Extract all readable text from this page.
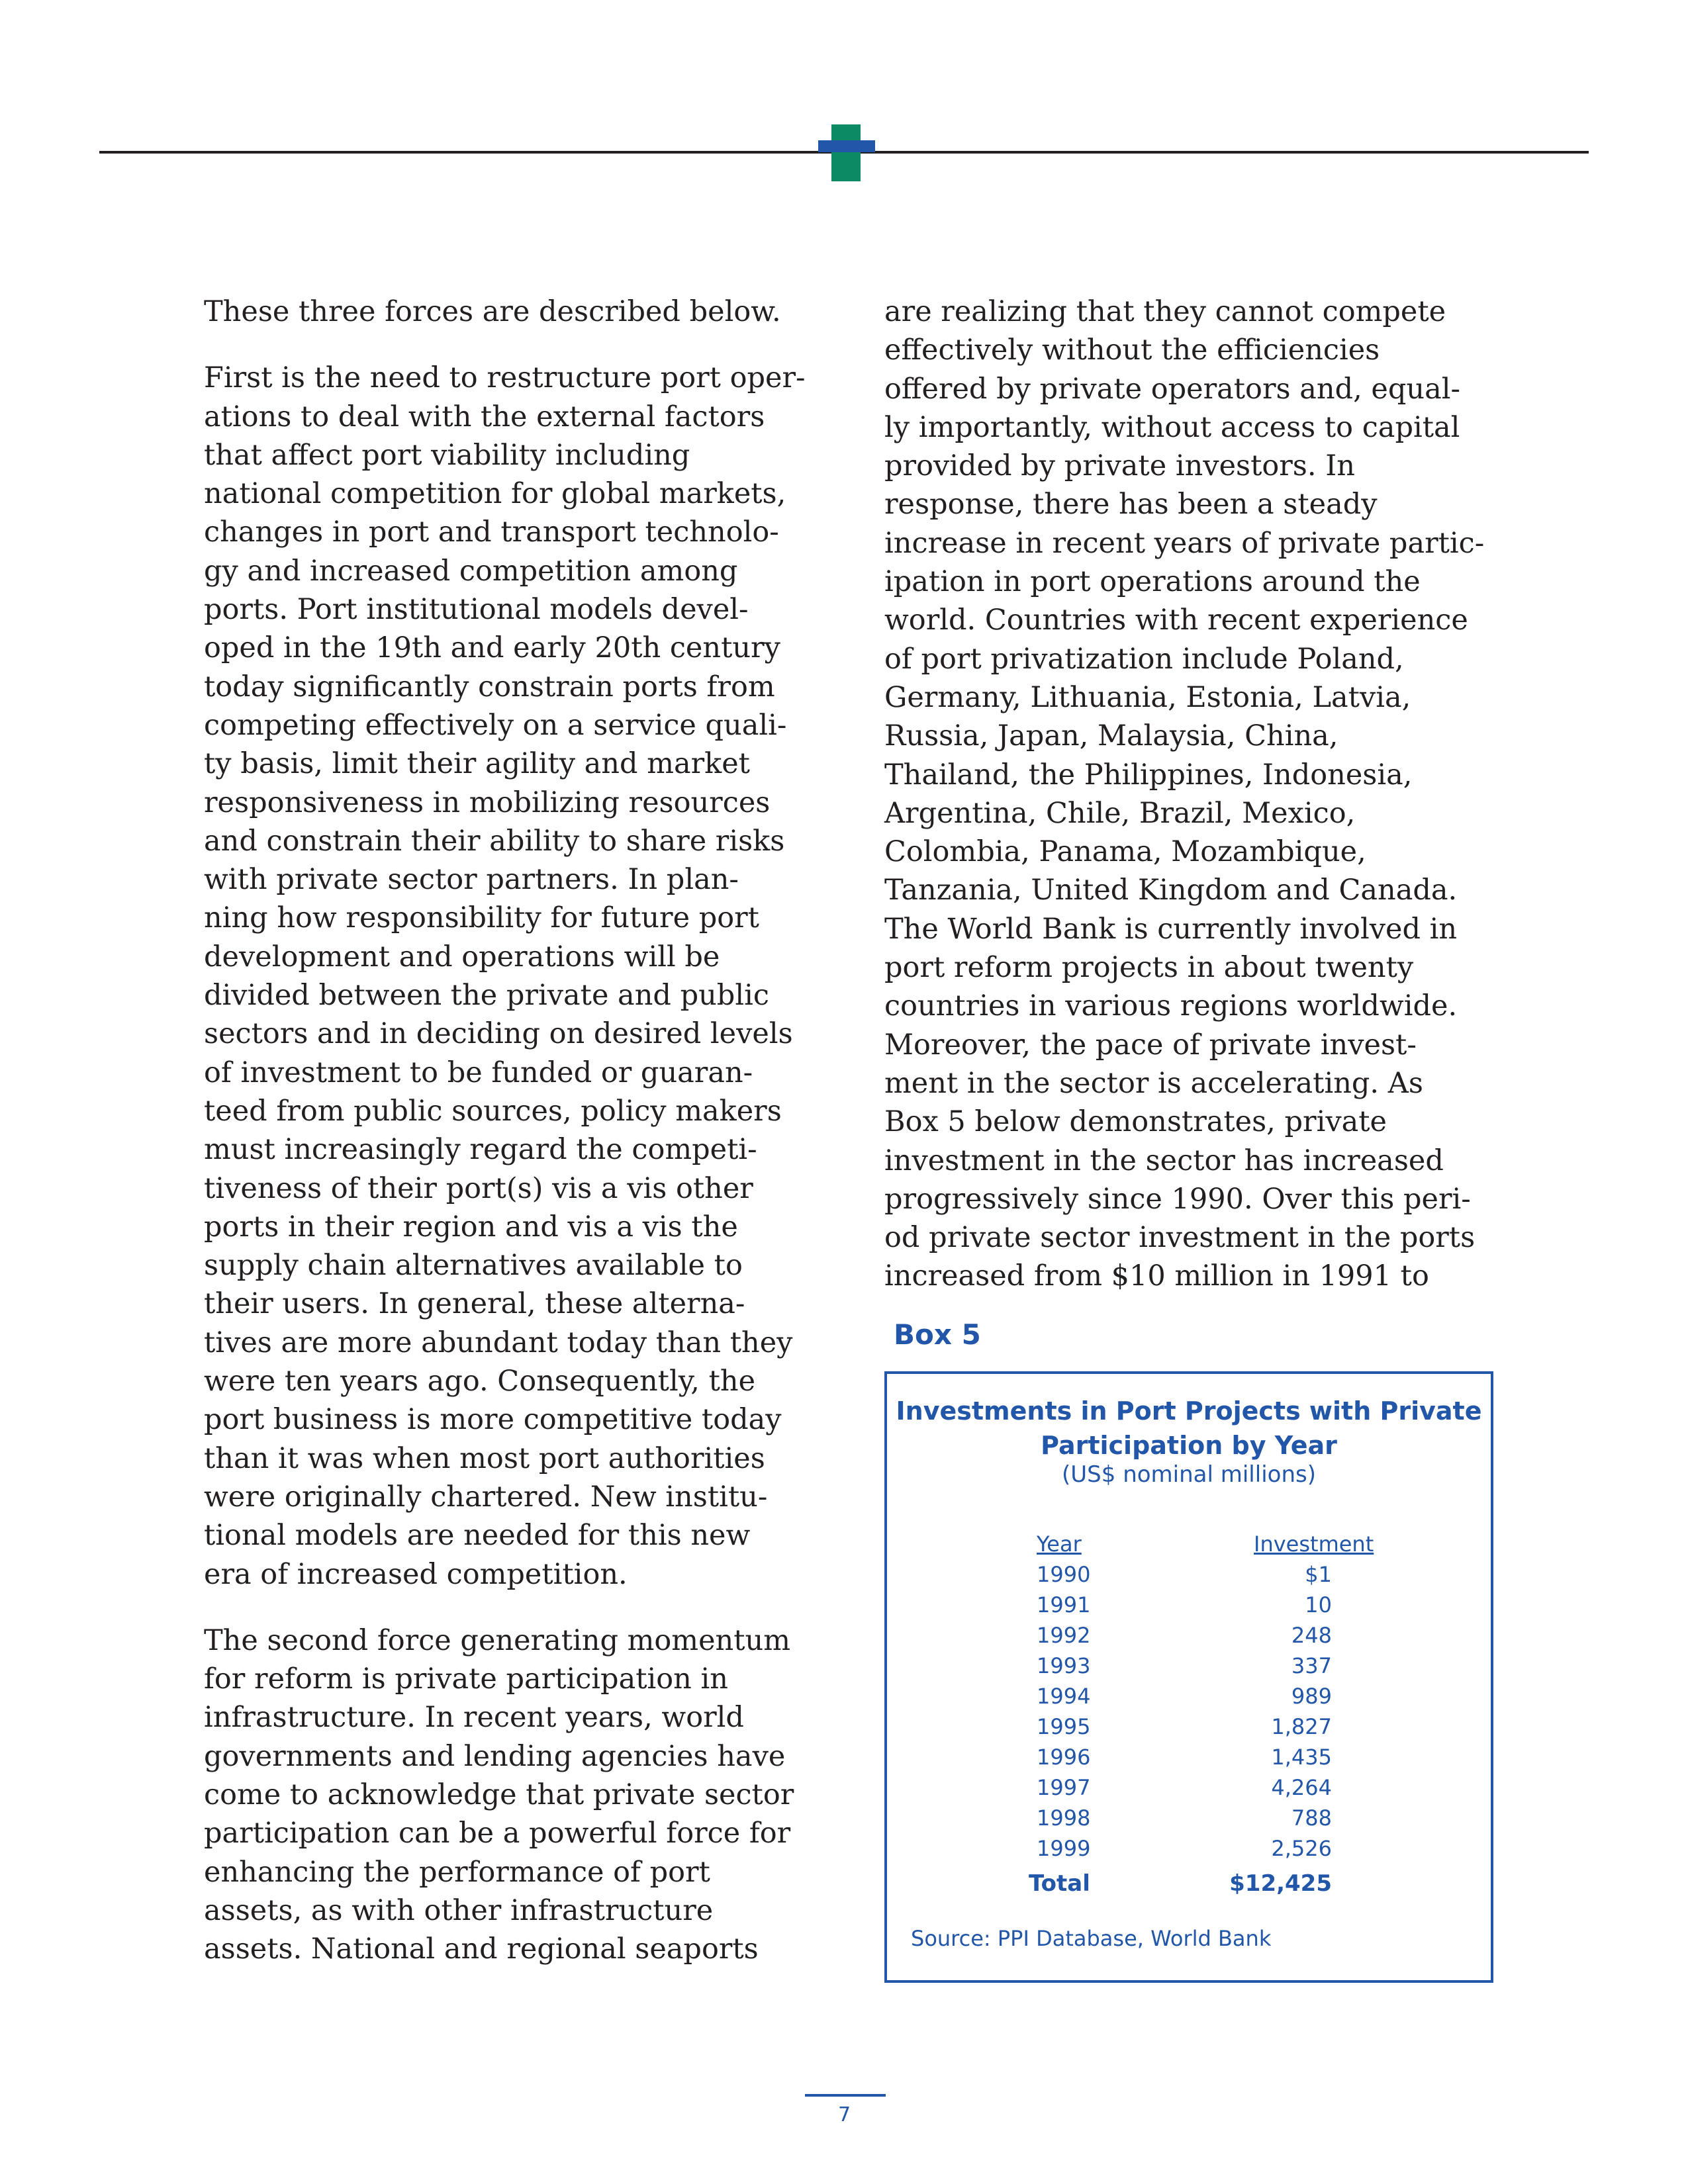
These three forces are described below.

First is the need to restructure port oper-
ations to deal with the external factors
that affect port viability including
national competition for global markets,
changes in port and transport technolo-
gy and increased competition among
ports. Port institutional models devel-
oped in the 19th and early 20th century
today significantly constrain ports from
competing effectively on a service quali-
ty basis, limit their agility and market
responsiveness in mobilizing resources
and constrain their ability to share risks
with private sector partners. In plan-
ning how responsibility for future port
development and operations will be
divided between the private and public
sectors and in deciding on desired levels
of investment to be funded or guaran-
teed from public sources, policy makers
must increasingly regard the competi-
tiveness of their port(s) vis a vis other
ports in their region and vis a vis the
supply chain alternatives available to
their users. In general, these alterna-
tives are more abundant today than they
were ten years ago. Consequently, the
port business is more competitive today
than it was when most port authorities
were originally chartered. New institu-
tional models are needed for this new
era of increased competition.

The second force generating momentum
for reform is private participation in
infrastructure. In recent years, world
governments and lending agencies have
come to acknowledge that private sector
participation can be a powerful force for
enhancing the performance of port
assets, as with other infrastructure
assets. National and regional seaports

are realizing that they cannot compete
effectively without the efficiencies
offered by private operators and, equal-
ly importantly, without access to capital
provided by private investors. In
response, there has been a steady
increase in recent years of private partic-
ipation in port operations around the
world. Countries with recent experience
of port privatization include Poland,
Germany, Lithuania, Estonia, Latvia,
Russia, Japan, Malaysia, China,
Thailand, the Philippines, Indonesia,
Argentina, Chile, Brazil, Mexico,
Colombia, Panama, Mozambique,
Tanzania, United Kingdom and Canada.
The World Bank is currently involved in
port reform projects in about twenty
countries in various regions worldwide.
Moreover, the pace of private invest-
ment in the sector is accelerating. As
Box 5 below demonstrates, private
investment in the sector has increased
progressively since 1990. Over this peri-
od private sector investment in the ports
increased from $10 million in 1991 to

Box 5
Investments in Port Projects with Private
Participation by Year
(US$ nominal millions)
Year	Investment
1990	$1
1991	10
1992	248
1993	337
1994	989
1995	1,827
1996	1,435
1997	4,264
1998	788
1999	2,526
Total	$12,425
Source: PPI Database, World Bank
7
